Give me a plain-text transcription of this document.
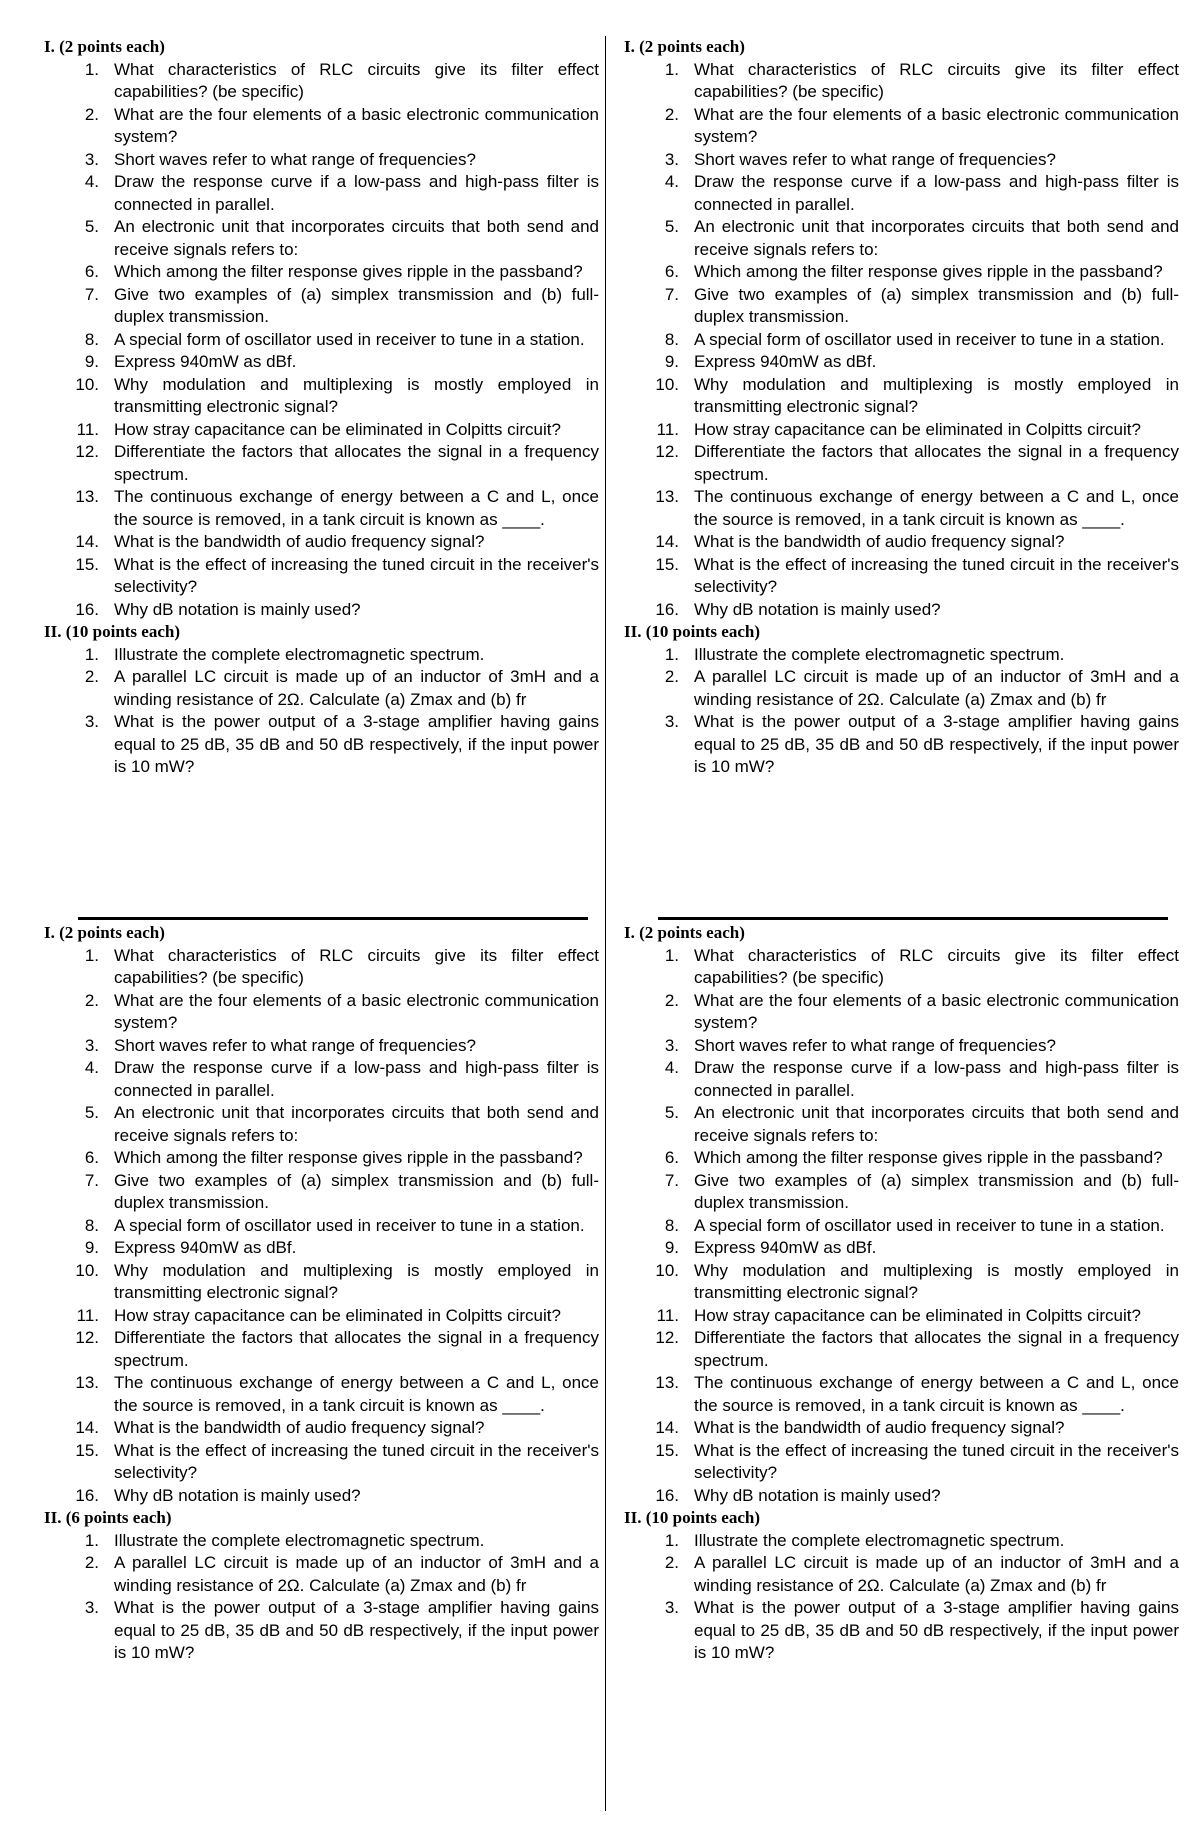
I. (2 points each)
1. What characteristics of RLC circuits give its filter effect capabilities? (be specific)
2. What are the four elements of a basic electronic communication system?
3. Short waves refer to what range of frequencies?
4. Draw the response curve if a low-pass and high-pass filter is connected in parallel.
5. An electronic unit that incorporates circuits that both send and receive signals refers to:
6. Which among the filter response gives ripple in the passband?
7. Give two examples of (a) simplex transmission and (b) full-duplex transmission.
8. A special form of oscillator used in receiver to tune in a station.
9. Express 940mW as dBf.
10. Why modulation and multiplexing is mostly employed in transmitting electronic signal?
11. How stray capacitance can be eliminated in Colpitts circuit?
12. Differentiate the factors that allocates the signal in a frequency spectrum.
13. The continuous exchange of energy between a C and L, once the source is removed, in a tank circuit is known as ____.
14. What is the bandwidth of audio frequency signal?
15. What is the effect of increasing the tuned circuit in the receiver's selectivity?
16. Why dB notation is mainly used?
II. (10 points each)
1. Illustrate the complete electromagnetic spectrum.
2. A parallel LC circuit is made up of an inductor of 3mH and a winding resistance of 2Ω. Calculate (a) Zmax and (b) fr
3. What is the power output of a 3-stage amplifier having gains equal to 25 dB, 35 dB and 50 dB respectively, if the input power is 10 mW?
I. (2 points each)
1. What characteristics of RLC circuits give its filter effect capabilities? (be specific)
2. What are the four elements of a basic electronic communication system?
3. Short waves refer to what range of frequencies?
4. Draw the response curve if a low-pass and high-pass filter is connected in parallel.
5. An electronic unit that incorporates circuits that both send and receive signals refers to:
6. Which among the filter response gives ripple in the passband?
7. Give two examples of (a) simplex transmission and (b) full-duplex transmission.
8. A special form of oscillator used in receiver to tune in a station.
9. Express 940mW as dBf.
10. Why modulation and multiplexing is mostly employed in transmitting electronic signal?
11. How stray capacitance can be eliminated in Colpitts circuit?
12. Differentiate the factors that allocates the signal in a frequency spectrum.
13. The continuous exchange of energy between a C and L, once the source is removed, in a tank circuit is known as ____.
14. What is the bandwidth of audio frequency signal?
15. What is the effect of increasing the tuned circuit in the receiver's selectivity?
16. Why dB notation is mainly used?
II. (10 points each)
1. Illustrate the complete electromagnetic spectrum.
2. A parallel LC circuit is made up of an inductor of 3mH and a winding resistance of 2Ω. Calculate (a) Zmax and (b) fr
3. What is the power output of a 3-stage amplifier having gains equal to 25 dB, 35 dB and 50 dB respectively, if the input power is 10 mW?
I. (2 points each)
1. What characteristics of RLC circuits give its filter effect capabilities? (be specific)
2. What are the four elements of a basic electronic communication system?
3. Short waves refer to what range of frequencies?
4. Draw the response curve if a low-pass and high-pass filter is connected in parallel.
5. An electronic unit that incorporates circuits that both send and receive signals refers to:
6. Which among the filter response gives ripple in the passband?
7. Give two examples of (a) simplex transmission and (b) full-duplex transmission.
8. A special form of oscillator used in receiver to tune in a station.
9. Express 940mW as dBf.
10. Why modulation and multiplexing is mostly employed in transmitting electronic signal?
11. How stray capacitance can be eliminated in Colpitts circuit?
12. Differentiate the factors that allocates the signal in a frequency spectrum.
13. The continuous exchange of energy between a C and L, once the source is removed, in a tank circuit is known as ____.
14. What is the bandwidth of audio frequency signal?
15. What is the effect of increasing the tuned circuit in the receiver's selectivity?
16. Why dB notation is mainly used?
II. (6 points each)
1. Illustrate the complete electromagnetic spectrum.
2. A parallel LC circuit is made up of an inductor of 3mH and a winding resistance of 2Ω. Calculate (a) Zmax and (b) fr
3. What is the power output of a 3-stage amplifier having gains equal to 25 dB, 35 dB and 50 dB respectively, if the input power is 10 mW?
I. (2 points each)
1. What characteristics of RLC circuits give its filter effect capabilities? (be specific)
2. What are the four elements of a basic electronic communication system?
3. Short waves refer to what range of frequencies?
4. Draw the response curve if a low-pass and high-pass filter is connected in parallel.
5. An electronic unit that incorporates circuits that both send and receive signals refers to:
6. Which among the filter response gives ripple in the passband?
7. Give two examples of (a) simplex transmission and (b) full-duplex transmission.
8. A special form of oscillator used in receiver to tune in a station.
9. Express 940mW as dBf.
10. Why modulation and multiplexing is mostly employed in transmitting electronic signal?
11. How stray capacitance can be eliminated in Colpitts circuit?
12. Differentiate the factors that allocates the signal in a frequency spectrum.
13. The continuous exchange of energy between a C and L, once the source is removed, in a tank circuit is known as ____.
14. What is the bandwidth of audio frequency signal?
15. What is the effect of increasing the tuned circuit in the receiver's selectivity?
16. Why dB notation is mainly used?
II. (10 points each)
1. Illustrate the complete electromagnetic spectrum.
2. A parallel LC circuit is made up of an inductor of 3mH and a winding resistance of 2Ω. Calculate (a) Zmax and (b) fr
3. What is the power output of a 3-stage amplifier having gains equal to 25 dB, 35 dB and 50 dB respectively, if the input power is 10 mW?
